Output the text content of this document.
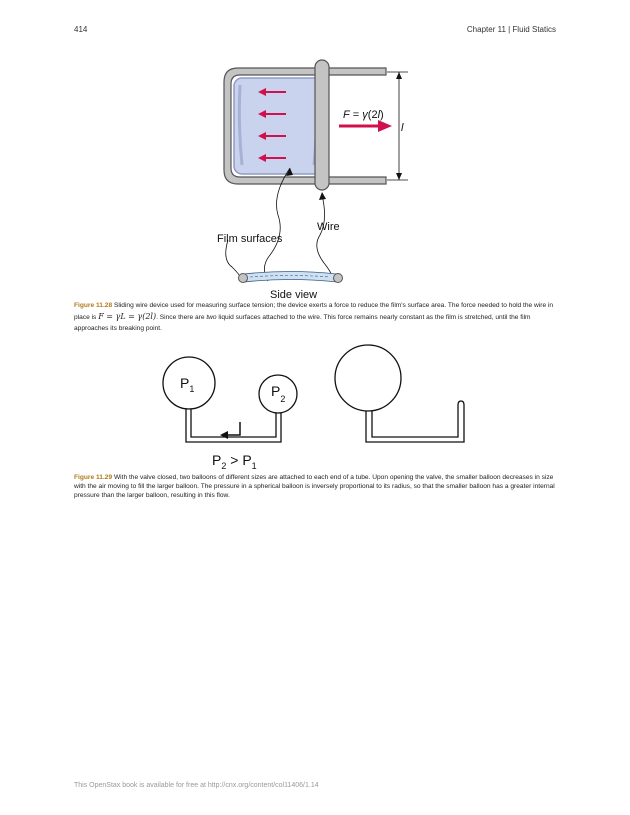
414	Chapter 11 | Fluid Statics
F = γ(2l)
l
Wire
Film surfaces
Side view
Figure 11.28 Sliding wire device used for measuring surface tension; the device exerts a force to reduce the film's surface area. The force needed to hold the wire in place is F = γL = γ(2l). Since there are two liquid surfaces attached to the wire. This force remains nearly constant as the film is stretched, until the film approaches its breaking point.
$P_1$	$P_2$
$P_2 > P_1$
Figure 11.29 With the valve closed, two balloons of different sizes are attached to each end of a tube. Upon opening the valve, the smaller balloon decreases in size with the air moving to fill the larger balloon. The pressure in a spherical balloon is inversely proportional to its radius, so that the smaller balloon has a greater internal pressure than the larger balloon, resulting in this flow.
This OpenStax book is available for free at http://cnx.org/content/col11406/1.14
